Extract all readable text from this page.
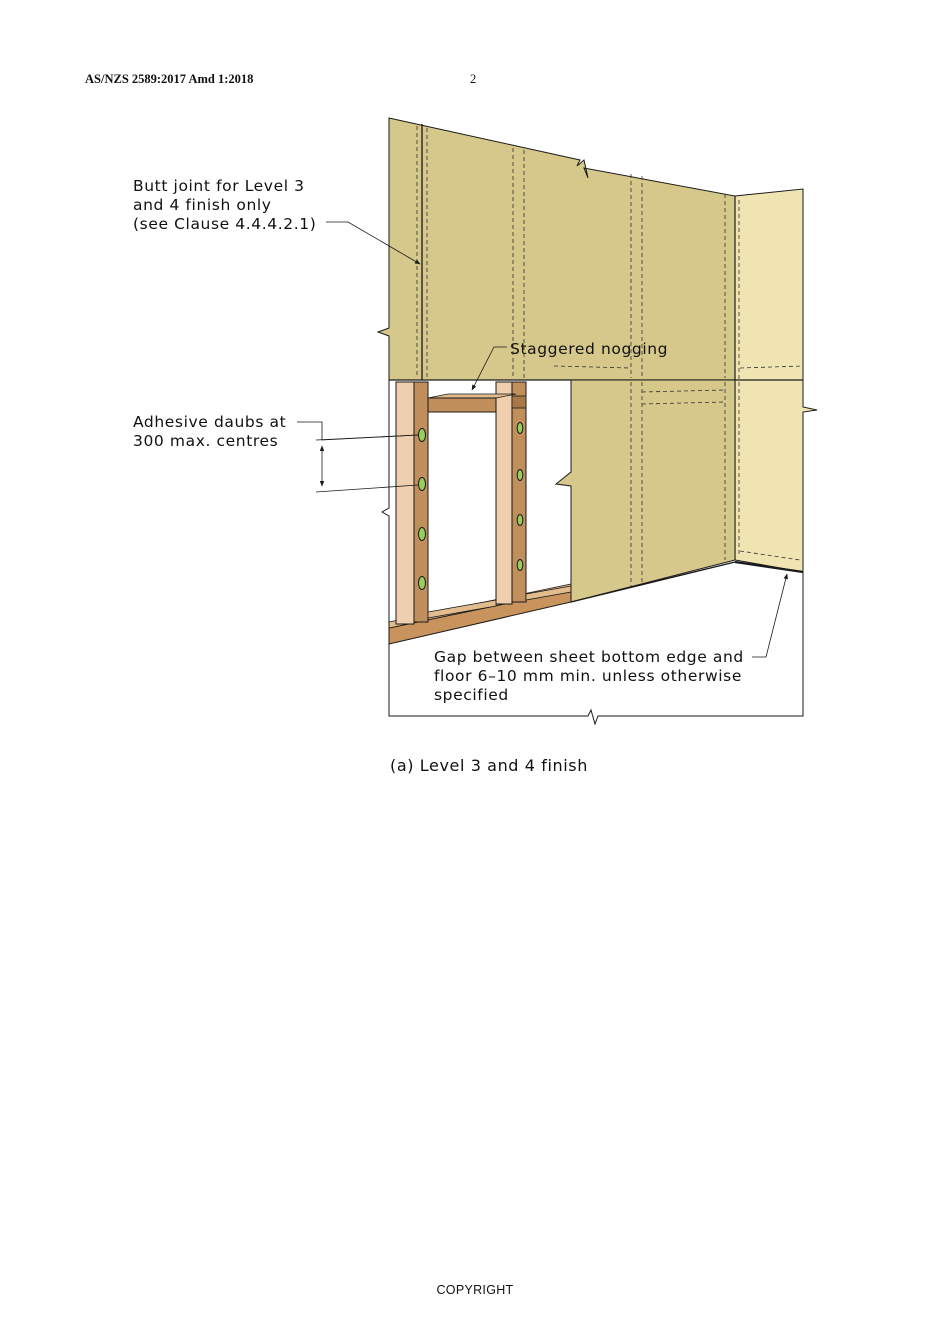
AS/NZS 2589:2017 Amd 1:2018	2
Butt joint for Level 3
and 4 finish only
(see Clause 4.4.4.2.1)
Staggered nogging
Adhesive daubs at
300 max. centres
Gap between sheet bottom edge and
floor 6–10 mm min. unless otherwise
specified
(a) Level 3 and 4 finish
COPYRIGHT
